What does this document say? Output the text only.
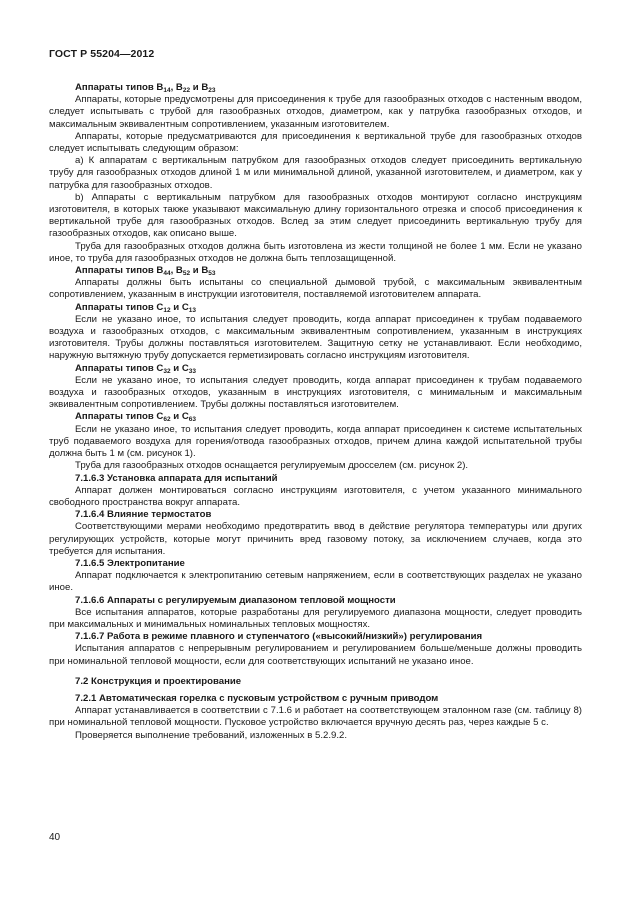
ГОСТ Р 55204—2012

Аппараты типов $B_{14}$, $B_{22}$ и $B_{23}$

Аппараты, которые предусмотрены для присоединения к трубе для газообразных отходов с настенным вводом, следует испытывать с трубой для газообразных отходов, диаметром, как у патрубка газообразных отходов, и максимальным эквивалентным сопротивлением, указанным изготовителем.

Аппараты, которые предусматриваются для присоединения к вертикальной трубе для газообразных отходов следует испытывать следующим образом:

a) К аппаратам с вертикальным патрубком для газообразных отходов следует присоединить вертикальную трубу для газообразных отходов длиной 1 м или минимальной длиной, указанной изготовителем, и диаметром, как у патрубка для газообразных отходов.

b) Аппараты с вертикальным патрубком для газообразных отходов монтируют согласно инструкциям изготовителя, в которых также указывают максимальную длину горизонтального отрезка и способ присоединения к вертикальной трубе для газообразных отходов. Вслед за этим следует присоединить вертикальную трубу для газообразных отходов, как описано выше.

Труба для газообразных отходов должна быть изготовлена из жести толщиной не более 1 мм. Если не указано иное, то труба для газообразных отходов не должна быть теплозащищенной.

Аппараты типов $B_{44}$, $B_{52}$ и $B_{53}$

Аппараты должны быть испытаны со специальной дымовой трубой, с максимальным эквивалентным сопротивлением, указанным в инструкции изготовителя, поставляемой изготовителем аппарата.

Аппараты типов $C_{12}$ и $C_{13}$

Если не указано иное, то испытания следует проводить, когда аппарат присоединен к трубам подаваемого воздуха и газообразных отходов, с максимальным эквивалентным сопротивлением, указанным в инструкциях изготовителя. Трубы должны поставляться изготовителем. Защитную сетку не устанавливают. Если необходимо, наружную вытяжную трубу допускается герметизировать согласно инструкциям изготовителя.

Аппараты типов $C_{32}$ и $C_{33}$

Если не указано иное, то испытания следует проводить, когда аппарат присоединен к трубам подаваемого воздуха и газообразных отходов, указанным в инструкциях изготовителя, с минимальным и максимальным эквивалентным сопротивлением. Трубы должны поставляться изготовителем.

Аппараты типов $C_{62}$ и $C_{63}$

Если не указано иное, то испытания следует проводить, когда аппарат присоединен к системе испытательных труб подаваемого воздуха для горения/отвода газообразных отходов, причем длина каждой испытательной трубы должна быть 1 м (см. рисунок 1).

Труба для газообразных отходов оснащается регулируемым дросселем (см. рисунок 2).

7.1.6.3 Установка аппарата для испытаний

Аппарат должен монтироваться согласно инструкциям изготовителя, с учетом указанного минимального свободного пространства вокруг аппарата.

7.1.6.4 Влияние термостатов

Соответствующими мерами необходимо предотвратить ввод в действие регулятора температуры или других регулирующих устройств, которые могут причинить вред газовому потоку, за исключением случаев, когда это требуется для испытания.

7.1.6.5 Электропитание

Аппарат подключается к электропитанию сетевым напряжением, если в соответствующих разделах не указано иное.

7.1.6.6 Аппараты с регулируемым диапазоном тепловой мощности

Все испытания аппаратов, которые разработаны для регулируемого диапазона мощности, следует проводить при максимальных и минимальных номинальных тепловых мощностях.

7.1.6.7 Работа в режиме плавного и ступенчатого («высокий/низкий») регулирования

Испытания аппаратов с непрерывным регулированием и регулированием больше/меньше должны проводить при номинальной тепловой мощности, если для соответствующих испытаний не указано иное.

7.2 Конструкция и проектирование

7.2.1 Автоматическая горелка с пусковым устройством с ручным приводом

Аппарат устанавливается в соответствии с 7.1.6 и работает на соответствующем эталонном газе (см. таблицу 8) при номинальной тепловой мощности. Пусковое устройство включается вручную десять раз, через каждые 5 с.

Проверяется выполнение требований, изложенных в 5.2.9.2.

40
